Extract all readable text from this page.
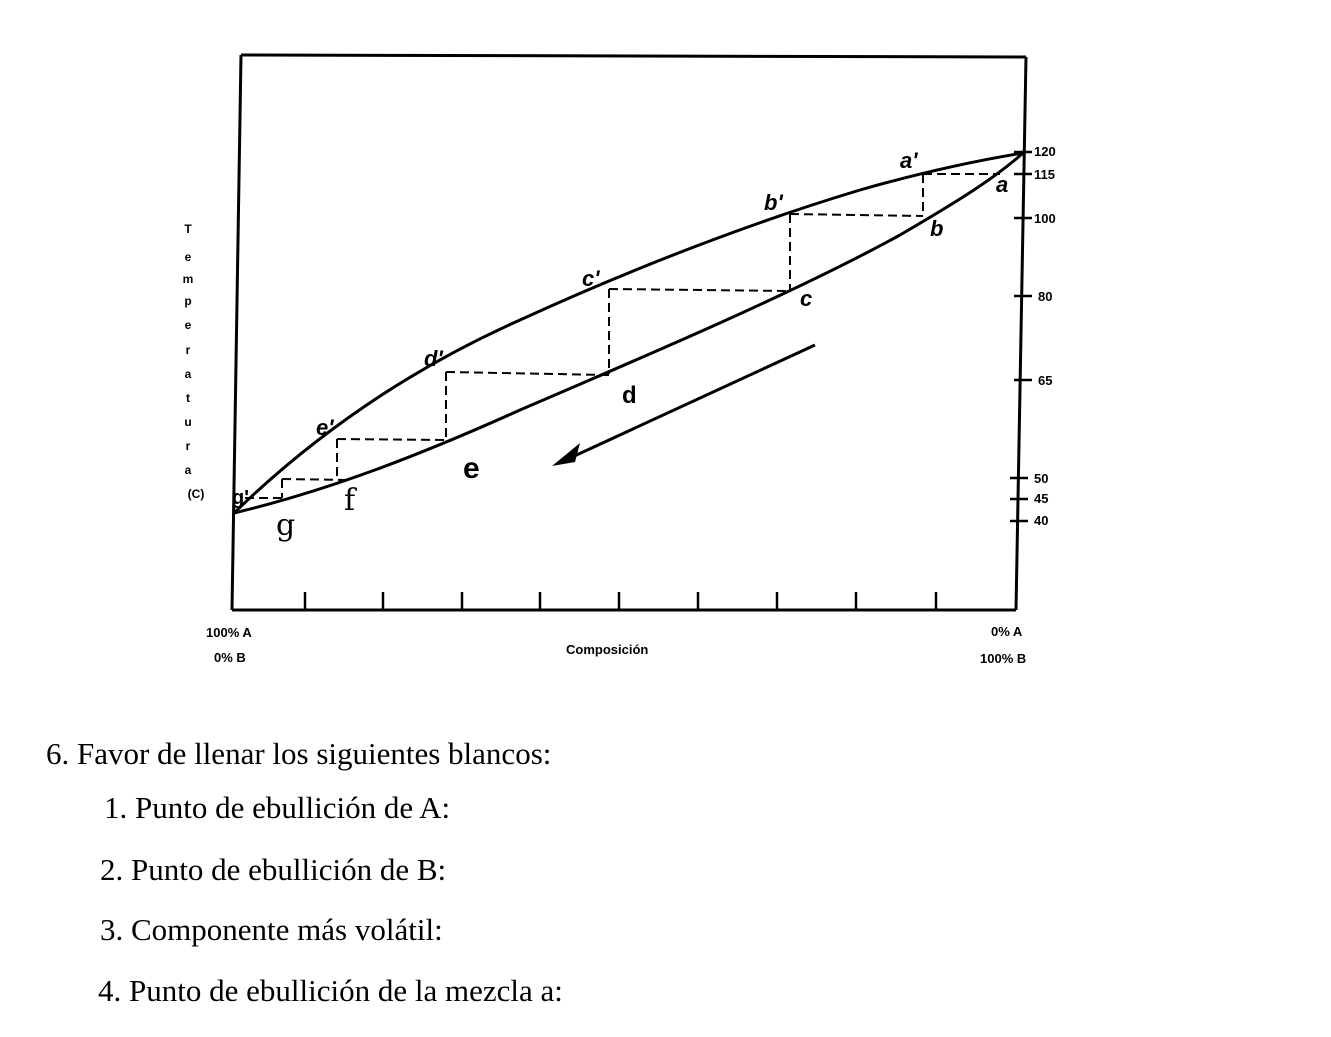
120
115
100
80
65
50
45
40
a'
b'
c'
d'
e'
g'
a
b
c
d
e
f
g
T
e
m
p
e
r
a
t
u
r
a
(C)
100% A
0% B
Composición
0% A
100% B

6. Favor de llenar los siguientes blancos:

1. Punto de ebullición de A:

2. Punto de ebullición de B:

3. Componente más volátil:

4. Punto de ebullición de la mezcla a:
